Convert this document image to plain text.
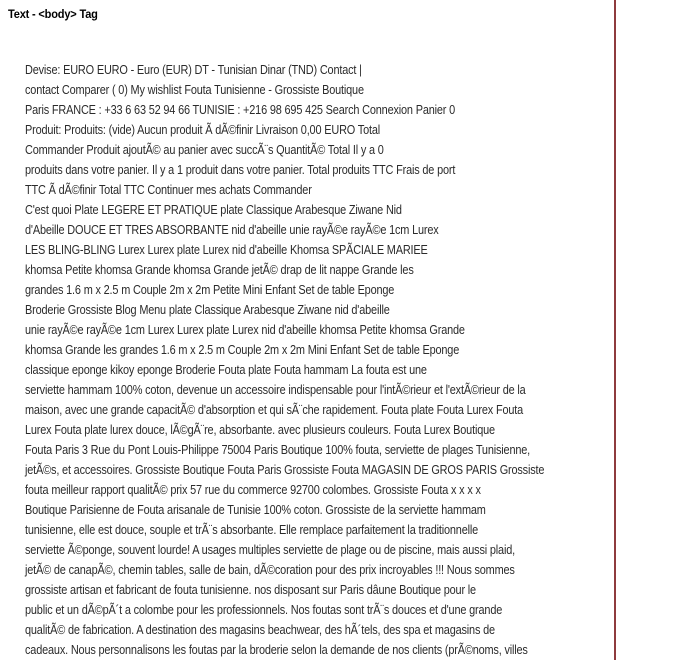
Text - <body> Tag
Devise: EURO EURO - Euro (EUR) DT - Tunisian Dinar (TND) Contact |
contact Comparer ( 0) My wishlist Fouta Tunisienne - Grossiste Boutique
Paris FRANCE : +33 6 63 52 94 66 TUNISIE : +216 98 695 425 Search Connexion Panier 0
Produit: Produits: (vide) Aucun produit Ã dÃ©finir Livraison 0,00 EURO Total
Commander Produit ajoutÃ© au panier avec succÃ¨s QuantitÃ© Total Il y a 0
produits dans votre panier. Il y a 1 produit dans votre panier. Total produits TTC Frais de port
TTC Ã dÃ©finir Total TTC Continuer mes achats Commander
C'est quoi Plate LEGERE ET PRATIQUE plate Classique Arabesque Ziwane Nid
d'Abeille DOUCE ET TRES ABSORBANTE nid d'abeille unie rayÃ©e rayÃ©e 1cm Lurex
LES BLING-BLING Lurex Lurex plate Lurex nid d'abeille Khomsa SPÃCIALE MARIEE
khomsa Petite khomsa Grande khomsa Grande jetÃ© drap de lit nappe Grande les
grandes 1.6 m x 2.5 m Couple 2m x 2m Petite Mini Enfant Set de table Eponge
Broderie Grossiste Blog Menu plate Classique Arabesque Ziwane nid d'abeille
unie rayÃ©e rayÃ©e 1cm Lurex Lurex plate Lurex nid d'abeille khomsa Petite khomsa Grande
khomsa Grande les grandes 1.6 m x 2.5 m Couple 2m x 2m Mini Enfant Set de table Eponge
classique eponge kikoy eponge Broderie Fouta plate Fouta hammam La fouta est une
serviette hammam 100% coton, devenue un accessoire indispensable pour l'intÃ©rieur et l'extÃ©rieur de la
maison, avec une grande capacitÃ© d'absorption et qui sÃ¨che rapidement. Fouta plate Fouta Lurex Fouta
Lurex Fouta plate lurex douce, lÃ©gÃ¨re, absorbante. avec plusieurs couleurs. Fouta Lurex Boutique
Fouta Paris 3 Rue du Pont Louis-Philippe 75004 Paris Boutique 100% fouta, serviette de plages Tunisienne,
jetÃ©s, et accessoires. Grossiste Boutique Fouta Paris Grossiste Fouta MAGASIN DE GROS PARIS Grossiste
fouta meilleur rapport qualitÃ© prix 57 rue du commerce 92700 colombes. Grossiste Fouta x x x x
Boutique Parisienne de Fouta arisanale de Tunisie 100% coton. Grossiste de la serviette hammam
tunisienne, elle est douce, souple et trÃ¨s absorbante. Elle remplace parfaitement la traditionnelle
serviette Ã©ponge, souvent lourde! A usages multiples serviette de plage ou de piscine, mais aussi plaid,
jetÃ© de canapÃ©, chemin tables, salle de bain, dÃ©coration pour des prix incroyables !!! Nous sommes
grossiste artisan et fabricant de fouta tunisienne. nos disposant sur Paris dâune Boutique pour le
public et un dÃ©pÃ´t a colombe pour les professionnels. Nos foutas sont trÃ¨s douces et d'une grande
qualitÃ© de fabrication. A destination des magasins beachwear, des hÃ´tels, des spa et magasins de
cadeaux. Nous personnalisons les foutas par la broderie selon la demande de nos clients (prÃ©noms, villes
